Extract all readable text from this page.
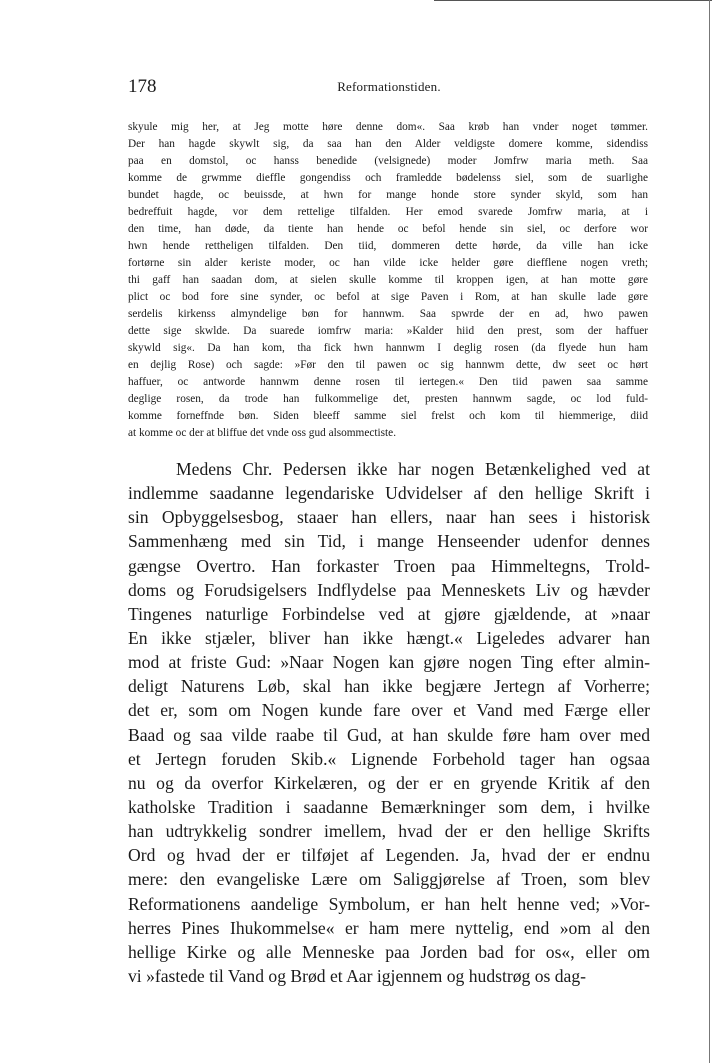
178	Reformationstiden.
skyule mig her, at Jeg motte høre denne dom«. Saa krøb han vnder noget tømmer.
Der han hagde skywlt sig, da saa han den Alder veldigste domere komme, sidendiss
paa en domstol, oc hanss benedide (velsignede) moder Jomfrw maria meth. Saa
komme de grwmme dieffle gongendiss och framledde bødelenss siel, som de suarlighe
bundet hagde, oc beuissde, at hwn for mange honde store synder skyld, som han
bedreffuit hagde, vor dem rettelige tilfalden. Her emod svarede Jomfrw maria, at i
den time, han døde, da tiente han hende oc befol hende sin siel, oc derfore wor
hwn hende rettheligen tilfalden. Den tiid, dommeren dette hørde, da ville han icke
fortørne sin alder keriste moder, oc han vilde icke helder gøre diefflene nogen vreth;
thi gaff han saadan dom, at sielen skulle komme til kroppen igen, at han motte gøre
plict oc bod fore sine synder, oc befol at sige Paven i Rom, at han skulle lade gøre
serdelis kirkenss almyndelige bøn for hannwm. Saa spwrde der en ad, hwo pawen
dette sige skwlde. Da suarede iomfrw maria: »Kalder hiid den prest, som der haffuer
skywld sig«. Da han kom, tha fick hwn hannwm I deglig rosen (da flyede hun ham
en dejlig Rose) och sagde: »Før den til pawen oc sig hannwm dette, dw seet oc hørt
haffuer, oc antworde hannwm denne rosen til iertegen.« Den tiid pawen saa samme
deglige rosen, da trode han fulkommelige det, presten hannwm sagde, oc lod fuld-
komme forneffnde bøn. Siden bleeff samme siel frelst och kom til hiemmerige, diid
at komme oc der at bliffue det vnde oss gud alsommectiste.
Medens Chr. Pedersen ikke har nogen Betænkelighed ved at
indlemme saadanne legendariske Udvidelser af den hellige Skrift i
sin Opbyggelsesbog, staaer han ellers, naar han sees i historisk
Sammenhæng med sin Tid, i mange Henseender udenfor dennes
gængse Overtro. Han forkaster Troen paa Himmeltegns, Trold-
doms og Forudsigelsers Indflydelse paa Menneskets Liv og hævder
Tingenes naturlige Forbindelse ved at gjøre gjældende, at »naar
En ikke stjæler, bliver han ikke hængt.« Ligeledes advarer han
mod at friste Gud: »Naar Nogen kan gjøre nogen Ting efter almin-
deligt Naturens Løb, skal han ikke begjære Jertegn af Vorherre;
det er, som om Nogen kunde fare over et Vand med Færge eller
Baad og saa vilde raabe til Gud, at han skulde føre ham over med
et Jertegn foruden Skib.« Lignende Forbehold tager han ogsaa
nu og da overfor Kirkelæren, og der er en gryende Kritik af den
katholske Tradition i saadanne Bemærkninger som dem, i hvilke
han udtrykkelig sondrer imellem, hvad der er den hellige Skrifts
Ord og hvad der er tilføjet af Legenden. Ja, hvad der er endnu
mere: den evangeliske Lære om Saliggjørelse af Troen, som blev
Reformationens aandelige Symbolum, er han helt henne ved; »Vor-
herres Pines Ihukommelse« er ham mere nyttelig, end »om al den
hellige Kirke og alle Menneske paa Jorden bad for os«, eller om
vi »fastede til Vand og Brød et Aar igjennem og hudstrøg os dag-
